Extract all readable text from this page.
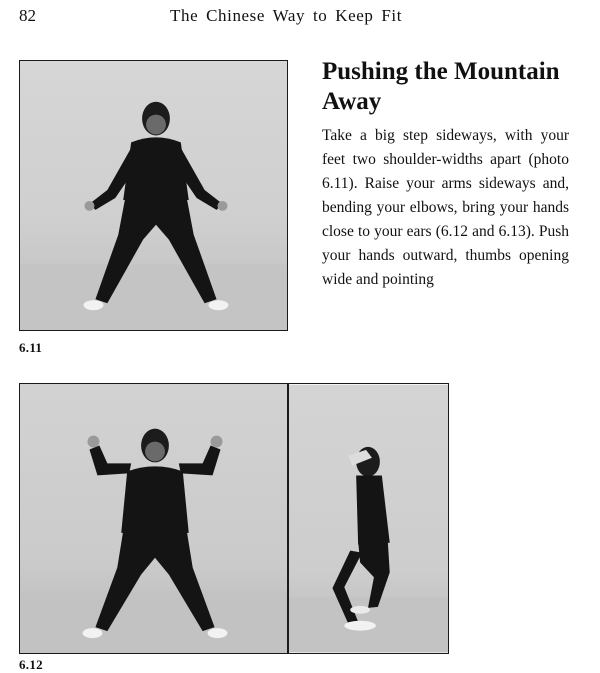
82	The Chinese Way to Keep Fit
6.11
Pushing the Mountain Away

Take a big step sideways, with your feet two shoulder-widths apart (photo 6.11). Raise your arms sideways and, bending your elbows, bring your hands close to your ears (6.12 and 6.13). Push your hands outward, thumbs opening wide and pointing

6.12
